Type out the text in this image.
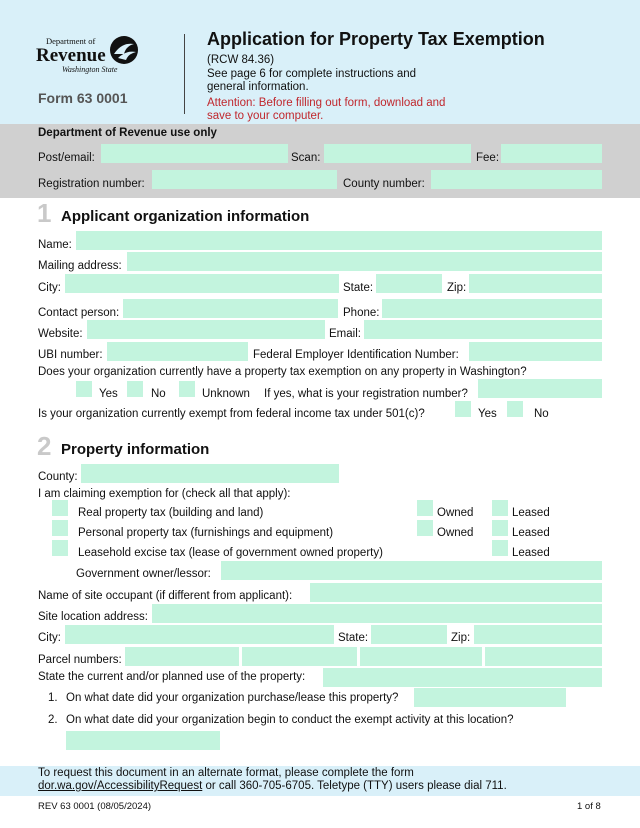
Department of
Revenue
Washington State
Form 63 0001
Application for Property Tax Exemption
(RCW 84.36)
See page 6 for complete instructions and
general information.
Attention: Before filling out form, download and
save to your computer.
Department of Revenue use only
Post/email:	Scan:	Fee:
Registration number:	County number:
1 Applicant organization information
Name:
Mailing address:
City:	State:	Zip:
Contact person:	Phone:
Website:	Email:
UBI number:	Federal Employer Identification Number:
Does your organization currently have a property tax exemption on any property in Washington?
Yes	No	Unknown If yes, what is your registration number?
Is your organization currently exempt from federal income tax under 501(c)?	Yes	No
2 Property information
County:
I am claiming exemption for (check all that apply):
Real property tax (building and land)	Owned	Leased
Personal property tax (furnishings and equipment)	Owned	Leased
Leasehold excise tax (lease of government owned property)	Leased
Government owner/lessor:
Name of site occupant (if different from applicant):
Site location address:
City:	State:	Zip:
Parcel numbers:
State the current and/or planned use of the property:
1. On what date did your organization purchase/lease this property?
2. On what date did your organization begin to conduct the exempt activity at this location?
To request this document in an alternate format, please complete the form
dor.wa.gov/AccessibilityRequest or call 360-705-6705. Teletype (TTY) users please dial 711.
REV 63 0001 (08/05/2024)	1 of 8
